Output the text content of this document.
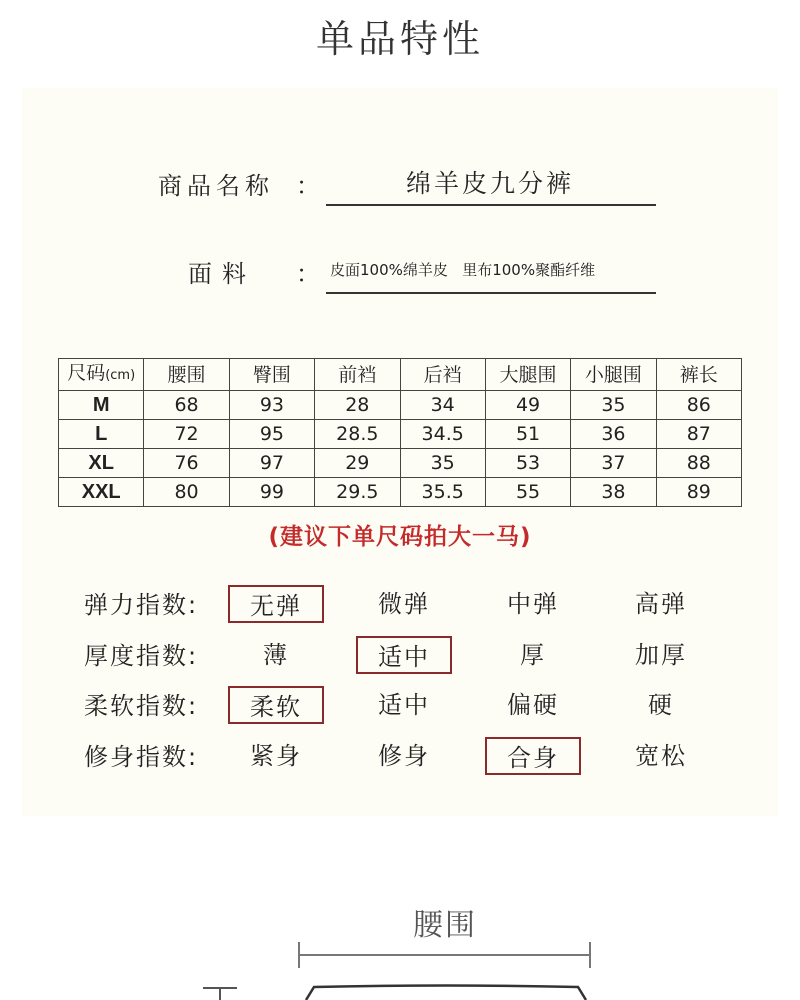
单品特性
商品名称 ：	绵羊皮九分裤
面料 ： 皮面100%绵羊皮   里布100%聚酯纤维
尺码(cm)	腰围	臀围	前裆	后裆	大腿围	小腿围	裤长
M	68	93	28	34	49	35	86
L	72	95	28.5	34.5	51	36	87
XL	76	97	29	35	53	37	88
XXL	80	99	29.5	35.5	55	38	89
(建议下单尺码拍大一马)
弹力指数:	无弹	微弹	中弹	高弹
厚度指数:	薄	适中	厚	加厚
柔软指数:	柔软	适中	偏硬	硬
修身指数:	紧身	修身	合身	宽松
腰围
